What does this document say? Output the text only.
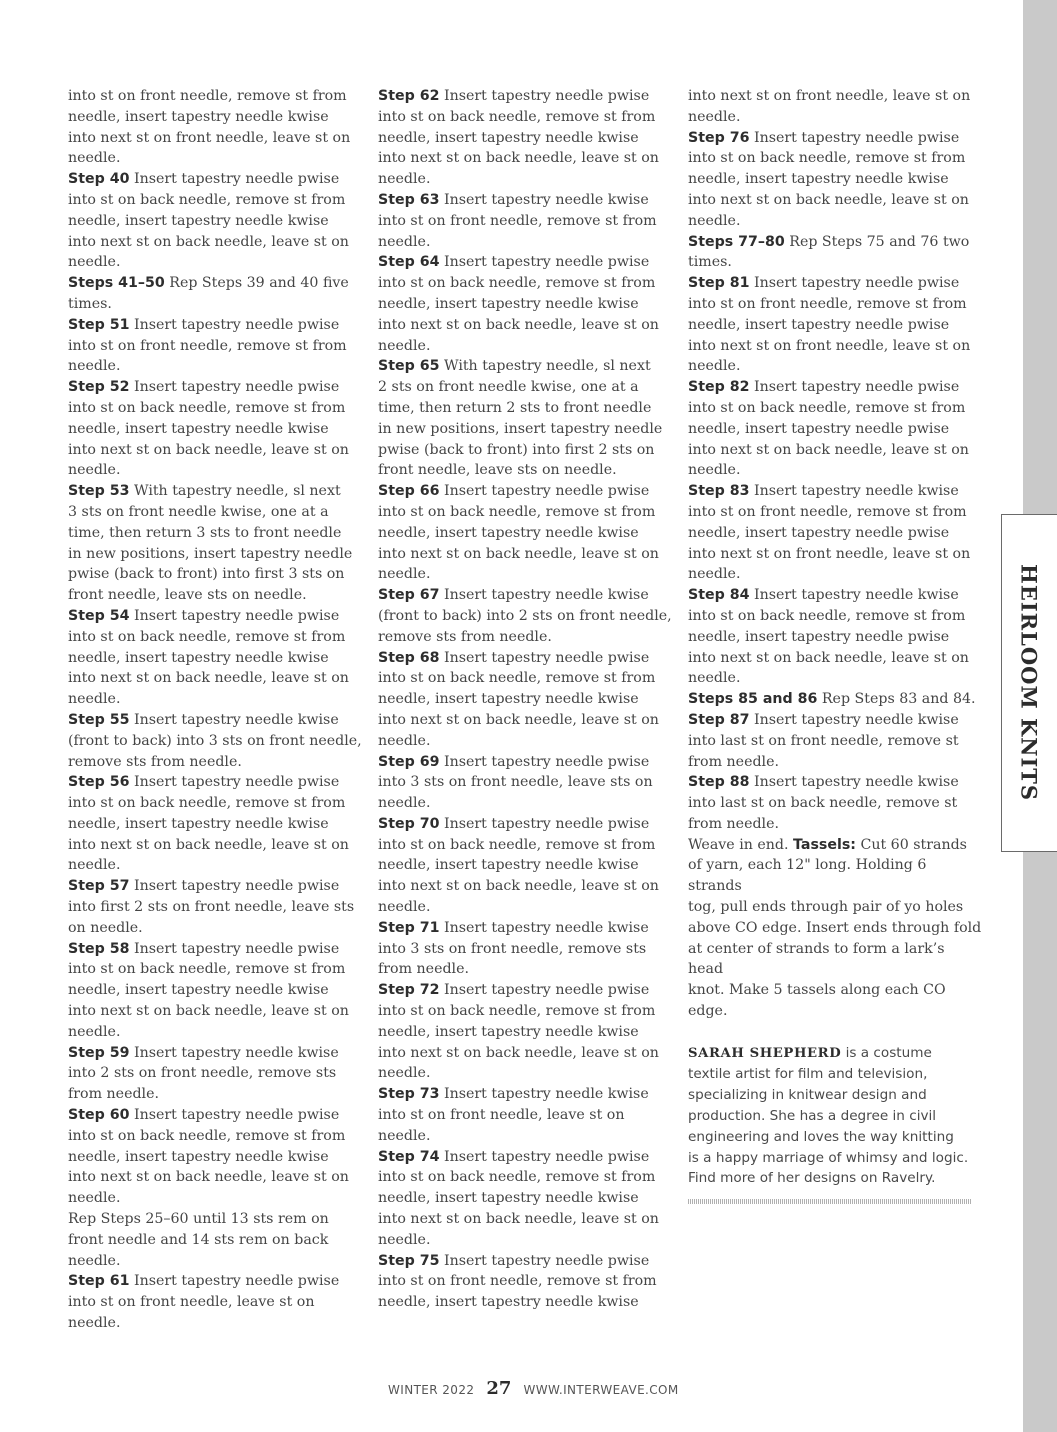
HEIRLOOM KNITS

into st on front needle, remove st from
needle, insert tapestry needle kwise
into next st on front needle, leave st on
needle.

Step 40 Insert tapestry needle pwise
into st on back needle, remove st from
needle, insert tapestry needle kwise
into next st on back needle, leave st on
needle.

Steps 41–50 Rep Steps 39 and 40 five
times.

Step 51 Insert tapestry needle pwise
into st on front needle, remove st from
needle.

Step 52 Insert tapestry needle pwise
into st on back needle, remove st from
needle, insert tapestry needle kwise
into next st on back needle, leave st on
needle.

Step 53 With tapestry needle, sl next
3 sts on front needle kwise, one at a
time, then return 3 sts to front needle
in new positions, insert tapestry needle
pwise (back to front) into first 3 sts on
front needle, leave sts on needle.

Step 54 Insert tapestry needle pwise
into st on back needle, remove st from
needle, insert tapestry needle kwise
into next st on back needle, leave st on
needle.

Step 55 Insert tapestry needle kwise
(front to back) into 3 sts on front needle,
remove sts from needle.

Step 56 Insert tapestry needle pwise
into st on back needle, remove st from
needle, insert tapestry needle kwise
into next st on back needle, leave st on
needle.

Step 57 Insert tapestry needle pwise
into first 2 sts on front needle, leave sts
on needle.

Step 58 Insert tapestry needle pwise
into st on back needle, remove st from
needle, insert tapestry needle kwise
into next st on back needle, leave st on
needle.

Step 59 Insert tapestry needle kwise
into 2 sts on front needle, remove sts
from needle.

Step 60 Insert tapestry needle pwise
into st on back needle, remove st from
needle, insert tapestry needle kwise
into next st on back needle, leave st on
needle.

Rep Steps 25–60 until 13 sts rem on
front needle and 14 sts rem on back
needle.

Step 61 Insert tapestry needle pwise
into st on front needle, leave st on
needle.

Step 62 Insert tapestry needle pwise
into st on back needle, remove st from
needle, insert tapestry needle kwise
into next st on back needle, leave st on
needle.

Step 63 Insert tapestry needle kwise
into st on front needle, remove st from
needle.

Step 64 Insert tapestry needle pwise
into st on back needle, remove st from
needle, insert tapestry needle kwise
into next st on back needle, leave st on
needle.

Step 65 With tapestry needle, sl next
2 sts on front needle kwise, one at a
time, then return 2 sts to front needle
in new positions, insert tapestry needle
pwise (back to front) into first 2 sts on
front needle, leave sts on needle.

Step 66 Insert tapestry needle pwise
into st on back needle, remove st from
needle, insert tapestry needle kwise
into next st on back needle, leave st on
needle.

Step 67 Insert tapestry needle kwise
(front to back) into 2 sts on front needle,
remove sts from needle.

Step 68 Insert tapestry needle pwise
into st on back needle, remove st from
needle, insert tapestry needle kwise
into next st on back needle, leave st on
needle.

Step 69 Insert tapestry needle pwise
into 3 sts on front needle, leave sts on
needle.

Step 70 Insert tapestry needle pwise
into st on back needle, remove st from
needle, insert tapestry needle kwise
into next st on back needle, leave st on
needle.

Step 71 Insert tapestry needle kwise
into 3 sts on front needle, remove sts
from needle.

Step 72 Insert tapestry needle pwise
into st on back needle, remove st from
needle, insert tapestry needle kwise
into next st on back needle, leave st on
needle.

Step 73 Insert tapestry needle kwise
into st on front needle, leave st on
needle.

Step 74 Insert tapestry needle pwise
into st on back needle, remove st from
needle, insert tapestry needle kwise
into next st on back needle, leave st on
needle.

Step 75 Insert tapestry needle pwise
into st on front needle, remove st from
needle, insert tapestry needle kwise

into next st on front needle, leave st on
needle.

Step 76 Insert tapestry needle pwise
into st on back needle, remove st from
needle, insert tapestry needle kwise
into next st on back needle, leave st on
needle.

Steps 77–80 Rep Steps 75 and 76 two
times.

Step 81 Insert tapestry needle pwise
into st on front needle, remove st from
needle, insert tapestry needle pwise
into next st on front needle, leave st on
needle.

Step 82 Insert tapestry needle pwise
into st on back needle, remove st from
needle, insert tapestry needle pwise
into next st on back needle, leave st on
needle.

Step 83 Insert tapestry needle kwise
into st on front needle, remove st from
needle, insert tapestry needle pwise
into next st on front needle, leave st on
needle.

Step 84 Insert tapestry needle kwise
into st on back needle, remove st from
needle, insert tapestry needle pwise
into next st on back needle, leave st on
needle.

Steps 85 and 86 Rep Steps 83 and 84.

Step 87 Insert tapestry needle kwise
into last st on front needle, remove st
from needle.

Step 88 Insert tapestry needle kwise
into last st on back needle, remove st
from needle.

Weave in end. Tassels: Cut 60 strands
of yarn, each 12" long. Holding 6 strands
tog, pull ends through pair of yo holes
above CO edge. Insert ends through fold
at center of strands to form a lark’s head
knot. Make 5 tassels along each CO edge.

SARAH SHEPHERD is a costume
textile artist for film and television,
specializing in knitwear design and
production. She has a degree in civil
engineering and loves the way knitting
is a happy marriage of whimsy and logic.
Find more of her designs on Ravelry.
WINTER 2022 27 WWW.INTERWEAVE.COM
